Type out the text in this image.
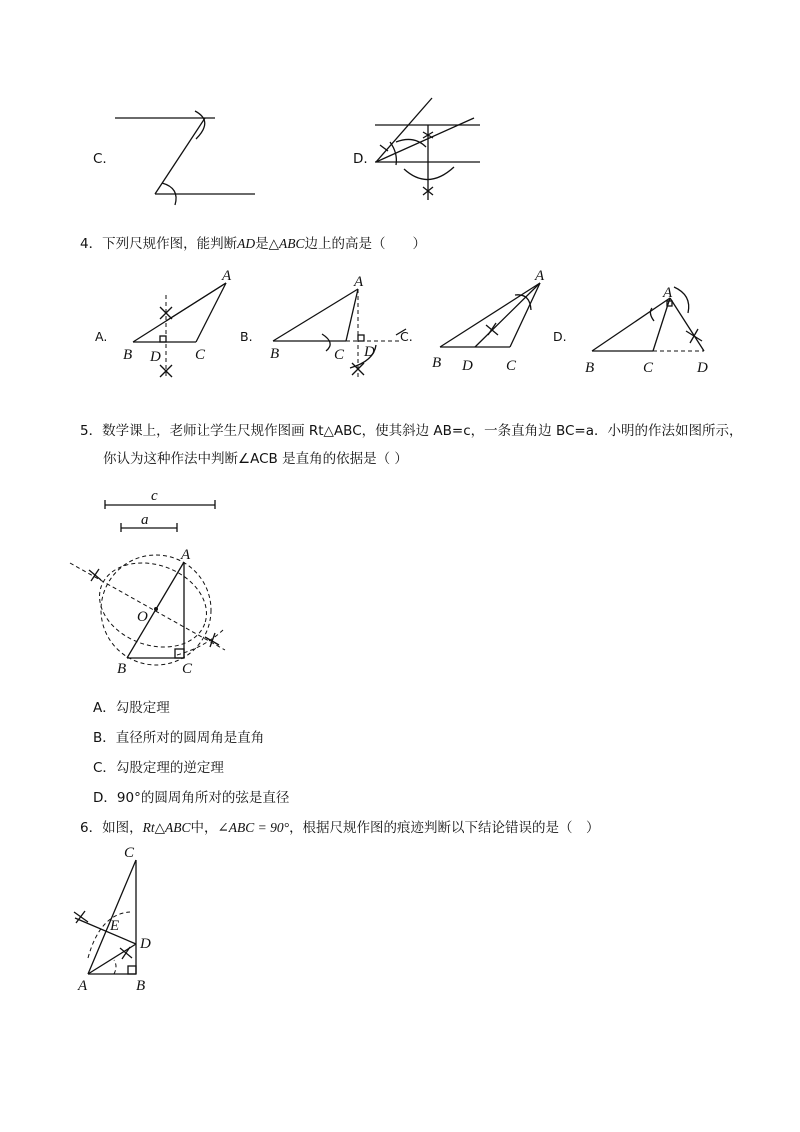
C.	D.
4．下列尺规作图，能判断AD是△ABC边上的高是（　　）
A.
A
B D C
B.
A
B	C D
C.
A
B D C
D.
A
B	C	D
5．数学课上，老师让学生尺规作图画 Rt△ABC，使其斜边 AB=c，一条直角边 BC=a．小明的作法如图所示，
你认为这种作法中判断∠ACB 是直角的依据是（ ）
c
a
A
O
B	C
A．勾股定理
B．直径所对的圆周角是直角
C．勾股定理的逆定理
D．90°的圆周角所对的弦是直径
6．如图，Rt△ABC中，∠ABC = 90°，根据尺规作图的痕迹判断以下结论错误的是（　）
C
E
D
A	B
